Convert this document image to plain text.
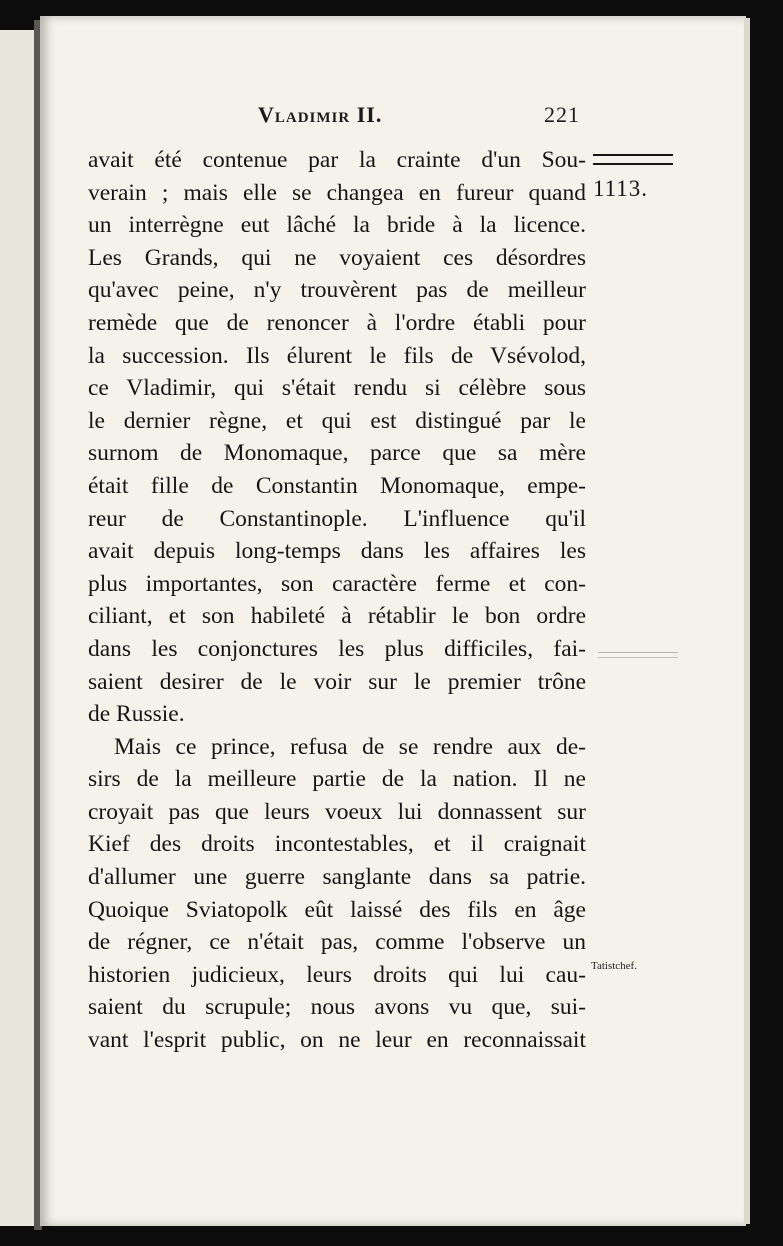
Vladimir II.	221
1113.
Tatistchef.
avait été contenue par la crainte d'un Sou-
verain ; mais elle se changea en fureur quand
un interrègne eut lâché la bride à la licence.
Les Grands, qui ne voyaient ces désordres
qu'avec peine, n'y trouvèrent pas de meilleur
remède que de renoncer à l'ordre établi pour
la succession. Ils élurent le fils de Vsévolod,
ce Vladimir, qui s'était rendu si célèbre sous
le dernier règne, et qui est distingué par le
surnom de Monomaque, parce que sa mère
était fille de Constantin Monomaque, empe-
reur de Constantinople. L'influence qu'il
avait depuis long-temps dans les affaires les
plus importantes, son caractère ferme et con-
ciliant, et son habileté à rétablir le bon ordre
dans les conjonctures les plus difficiles, fai-
saient desirer de le voir sur le premier trône
de Russie.
Mais ce prince, refusa de se rendre aux de-
sirs de la meilleure partie de la nation. Il ne
croyait pas que leurs voeux lui donnassent sur
Kief des droits incontestables, et il craignait
d'allumer une guerre sanglante dans sa patrie.
Quoique Sviatopolk eût laissé des fils en âge
de régner, ce n'était pas, comme l'observe un
historien judicieux, leurs droits qui lui cau-
saient du scrupule; nous avons vu que, sui-
vant l'esprit public, on ne leur en reconnaissait
